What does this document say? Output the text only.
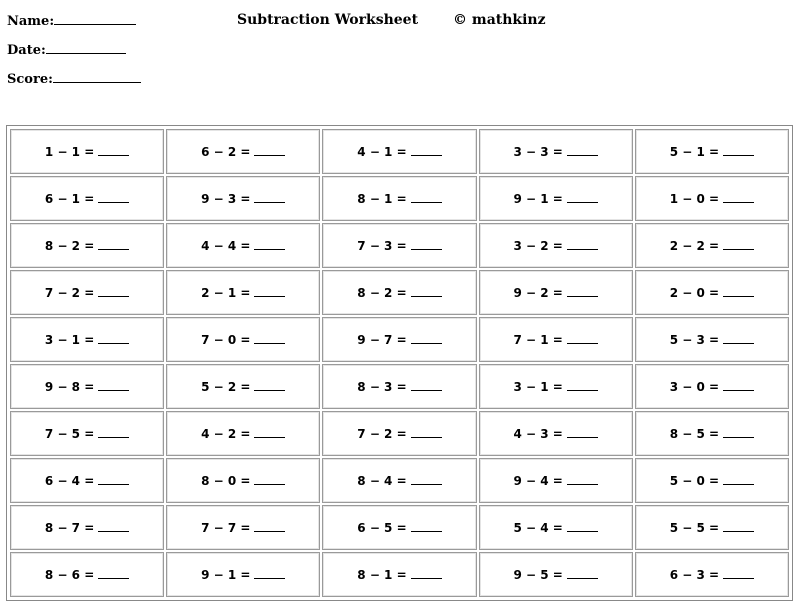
Name:
Date:
Score:
Subtraction Worksheet © mathkinz
1 − 1 =	6 − 2 =	4 − 1 =	3 − 3 =	5 − 1 =
6 − 1 =	9 − 3 =	8 − 1 =	9 − 1 =	1 − 0 =
8 − 2 =	4 − 4 =	7 − 3 =	3 − 2 =	2 − 2 =
7 − 2 =	2 − 1 =	8 − 2 =	9 − 2 =	2 − 0 =
3 − 1 =	7 − 0 =	9 − 7 =	7 − 1 =	5 − 3 =
9 − 8 =	5 − 2 =	8 − 3 =	3 − 1 =	3 − 0 =
7 − 5 =	4 − 2 =	7 − 2 =	4 − 3 =	8 − 5 =
6 − 4 =	8 − 0 =	8 − 4 =	9 − 4 =	5 − 0 =
8 − 7 =	7 − 7 =	6 − 5 =	5 − 4 =	5 − 5 =
8 − 6 =	9 − 1 =	8 − 1 =	9 − 5 =	6 − 3 =
